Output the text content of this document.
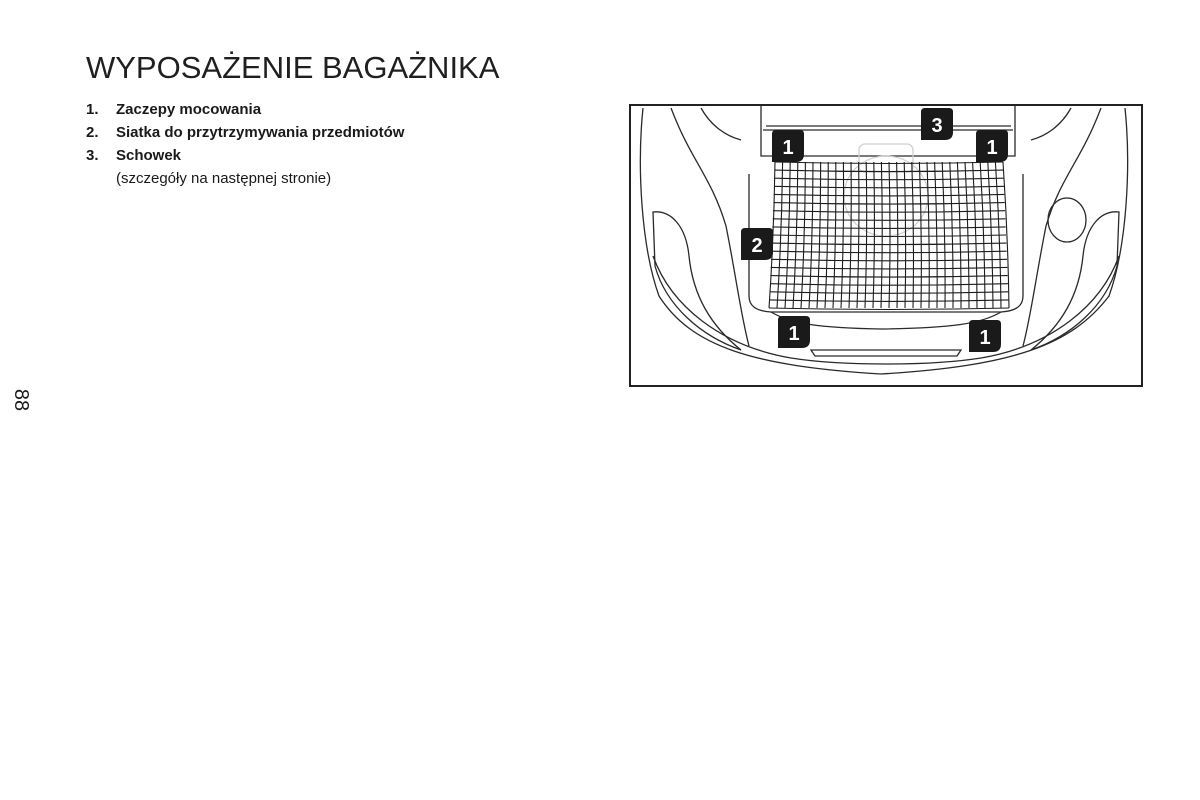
WYPOSAŻENIE BAGAŻNIKA
1.	Zaczepy mocowania
2.	Siatka do przytrzymywania przedmiotów
3.	Schowek
(szczegóły na następnej stronie)
88
1	1
3
2
1	1
